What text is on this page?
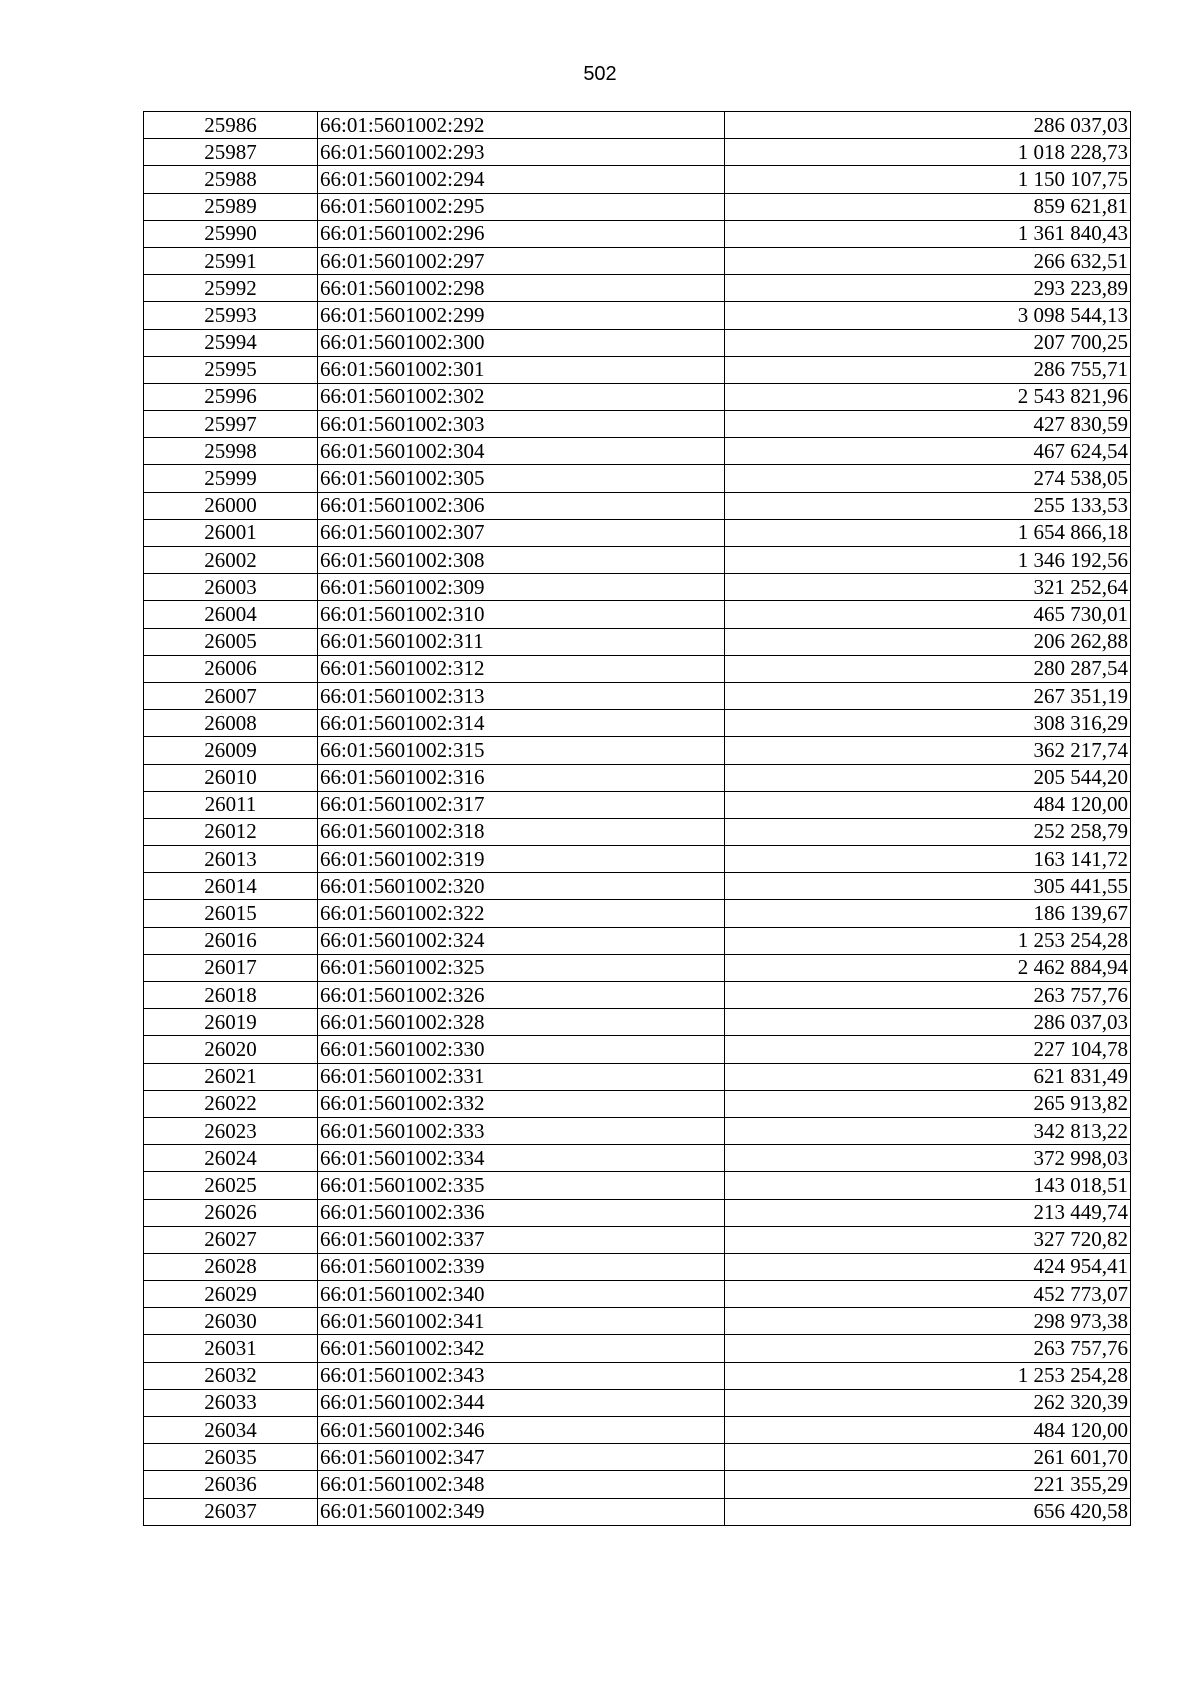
502
25986	66:01:5601002:292	286 037,03
25987	66:01:5601002:293	1 018 228,73
25988	66:01:5601002:294	1 150 107,75
25989	66:01:5601002:295	859 621,81
25990	66:01:5601002:296	1 361 840,43
25991	66:01:5601002:297	266 632,51
25992	66:01:5601002:298	293 223,89
25993	66:01:5601002:299	3 098 544,13
25994	66:01:5601002:300	207 700,25
25995	66:01:5601002:301	286 755,71
25996	66:01:5601002:302	2 543 821,96
25997	66:01:5601002:303	427 830,59
25998	66:01:5601002:304	467 624,54
25999	66:01:5601002:305	274 538,05
26000	66:01:5601002:306	255 133,53
26001	66:01:5601002:307	1 654 866,18
26002	66:01:5601002:308	1 346 192,56
26003	66:01:5601002:309	321 252,64
26004	66:01:5601002:310	465 730,01
26005	66:01:5601002:311	206 262,88
26006	66:01:5601002:312	280 287,54
26007	66:01:5601002:313	267 351,19
26008	66:01:5601002:314	308 316,29
26009	66:01:5601002:315	362 217,74
26010	66:01:5601002:316	205 544,20
26011	66:01:5601002:317	484 120,00
26012	66:01:5601002:318	252 258,79
26013	66:01:5601002:319	163 141,72
26014	66:01:5601002:320	305 441,55
26015	66:01:5601002:322	186 139,67
26016	66:01:5601002:324	1 253 254,28
26017	66:01:5601002:325	2 462 884,94
26018	66:01:5601002:326	263 757,76
26019	66:01:5601002:328	286 037,03
26020	66:01:5601002:330	227 104,78
26021	66:01:5601002:331	621 831,49
26022	66:01:5601002:332	265 913,82
26023	66:01:5601002:333	342 813,22
26024	66:01:5601002:334	372 998,03
26025	66:01:5601002:335	143 018,51
26026	66:01:5601002:336	213 449,74
26027	66:01:5601002:337	327 720,82
26028	66:01:5601002:339	424 954,41
26029	66:01:5601002:340	452 773,07
26030	66:01:5601002:341	298 973,38
26031	66:01:5601002:342	263 757,76
26032	66:01:5601002:343	1 253 254,28
26033	66:01:5601002:344	262 320,39
26034	66:01:5601002:346	484 120,00
26035	66:01:5601002:347	261 601,70
26036	66:01:5601002:348	221 355,29
26037	66:01:5601002:349	656 420,58
